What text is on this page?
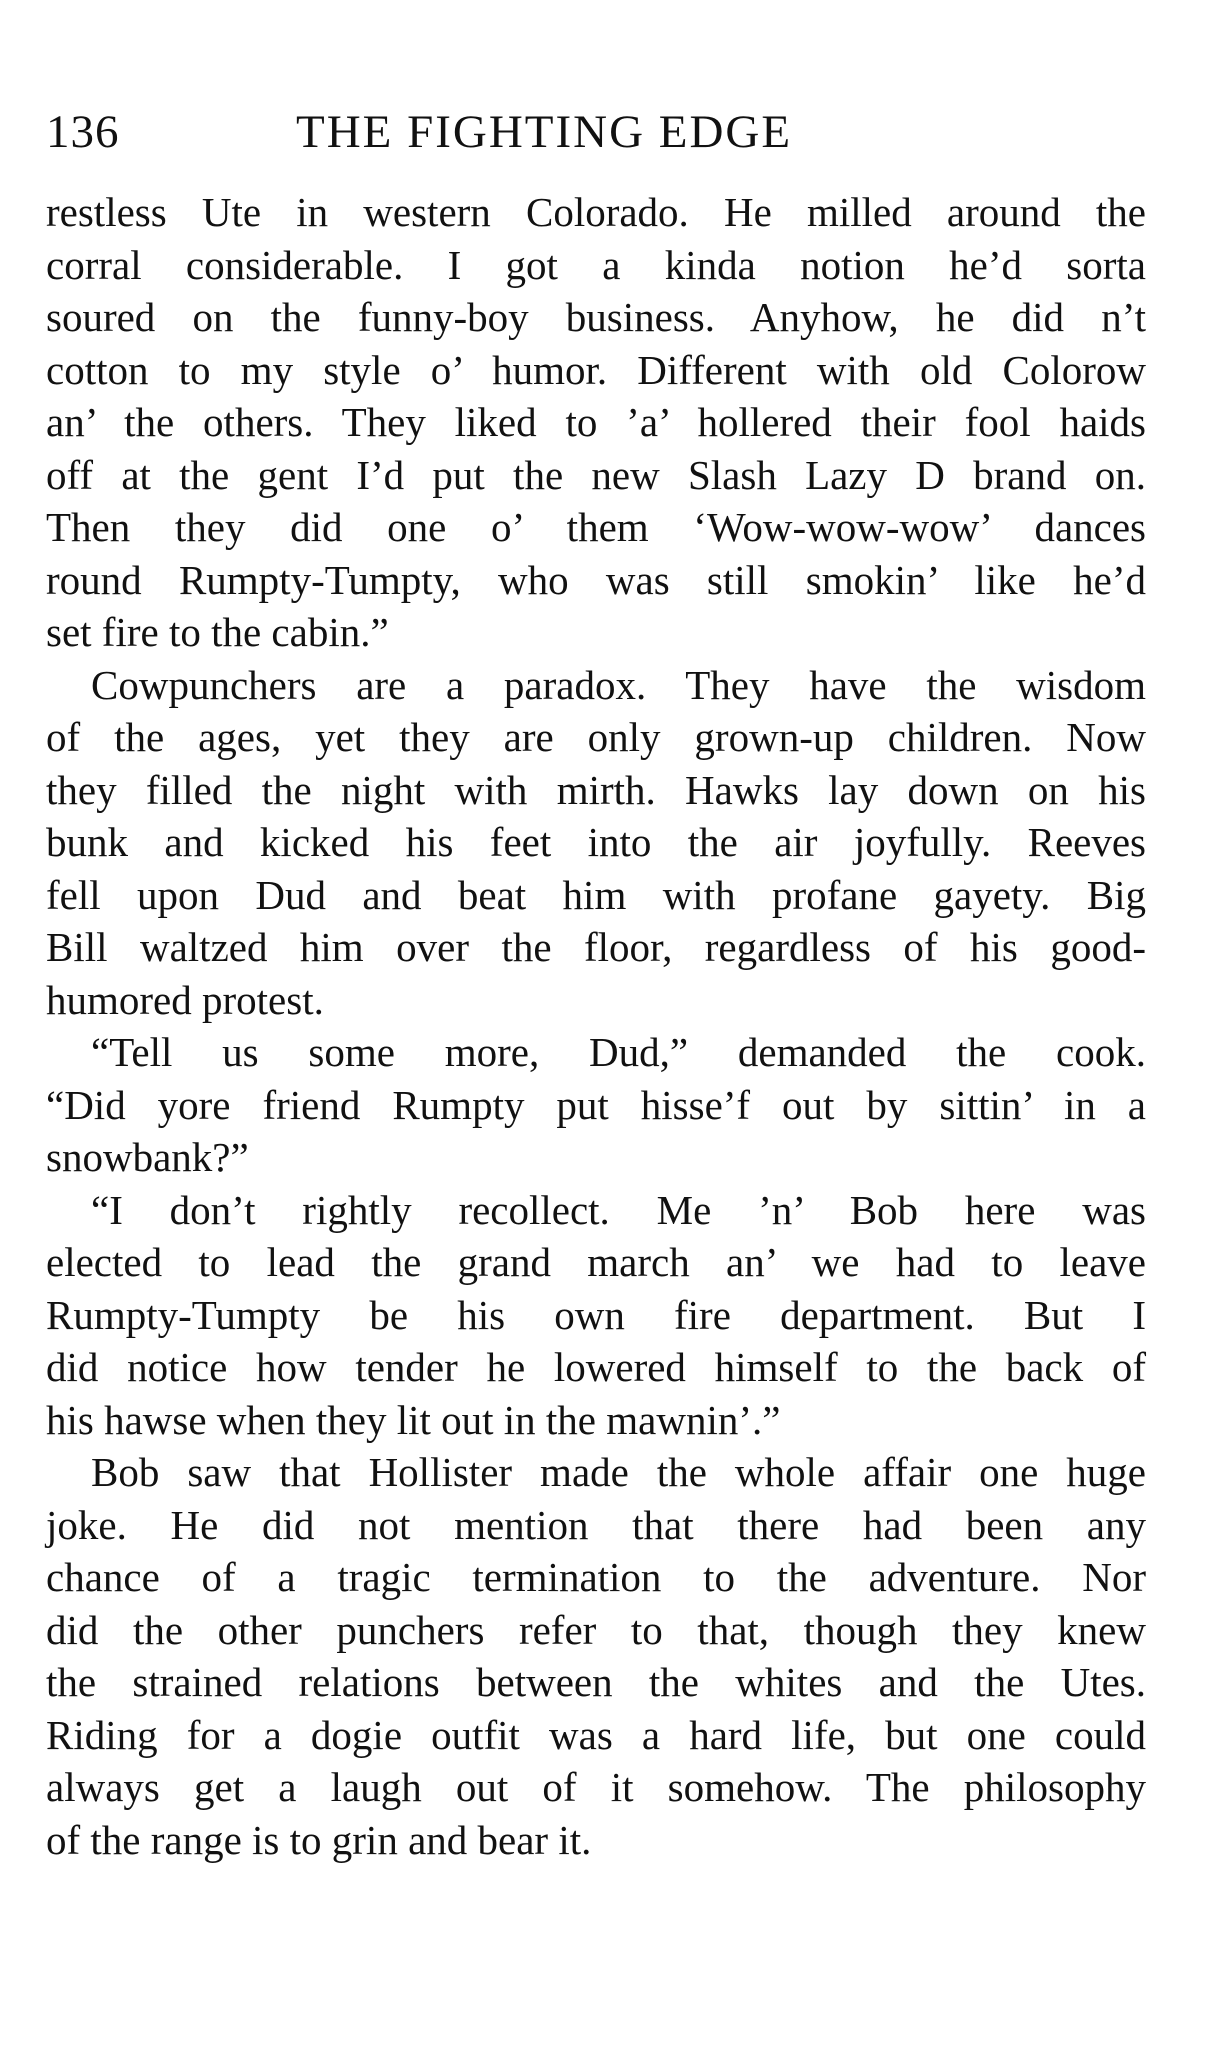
136	THE FIGHTING EDGE
restless Ute in western Colorado. He milled around the
corral considerable. I got a kinda notion he’d sorta
soured on the funny-boy business. Anyhow, he did n’t
cotton to my style o’ humor. Different with old Colorow
an’ the others. They liked to ’a’ hollered their fool haids
off at the gent I’d put the new Slash Lazy D brand on.
Then they did one o’ them ‘Wow-wow-wow’ dances
round Rumpty-Tumpty, who was still smokin’ like he’d
set fire to the cabin.”
Cowpunchers are a paradox. They have the wisdom
of the ages, yet they are only grown-up children. Now
they filled the night with mirth. Hawks lay down on his
bunk and kicked his feet into the air joyfully. Reeves
fell upon Dud and beat him with profane gayety. Big
Bill waltzed him over the floor, regardless of his good-
humored protest.
“Tell us some more, Dud,” demanded the cook.
“Did yore friend Rumpty put hisse’f out by sittin’ in a
snowbank?”
“I don’t rightly recollect. Me ’n’ Bob here was
elected to lead the grand march an’ we had to leave
Rumpty-Tumpty be his own fire department. But I
did notice how tender he lowered himself to the back of
his hawse when they lit out in the mawnin’.”
Bob saw that Hollister made the whole affair one huge
joke. He did not mention that there had been any
chance of a tragic termination to the adventure. Nor
did the other punchers refer to that, though they knew
the strained relations between the whites and the Utes.
Riding for a dogie outfit was a hard life, but one could
always get a laugh out of it somehow. The philosophy
of the range is to grin and bear it.
